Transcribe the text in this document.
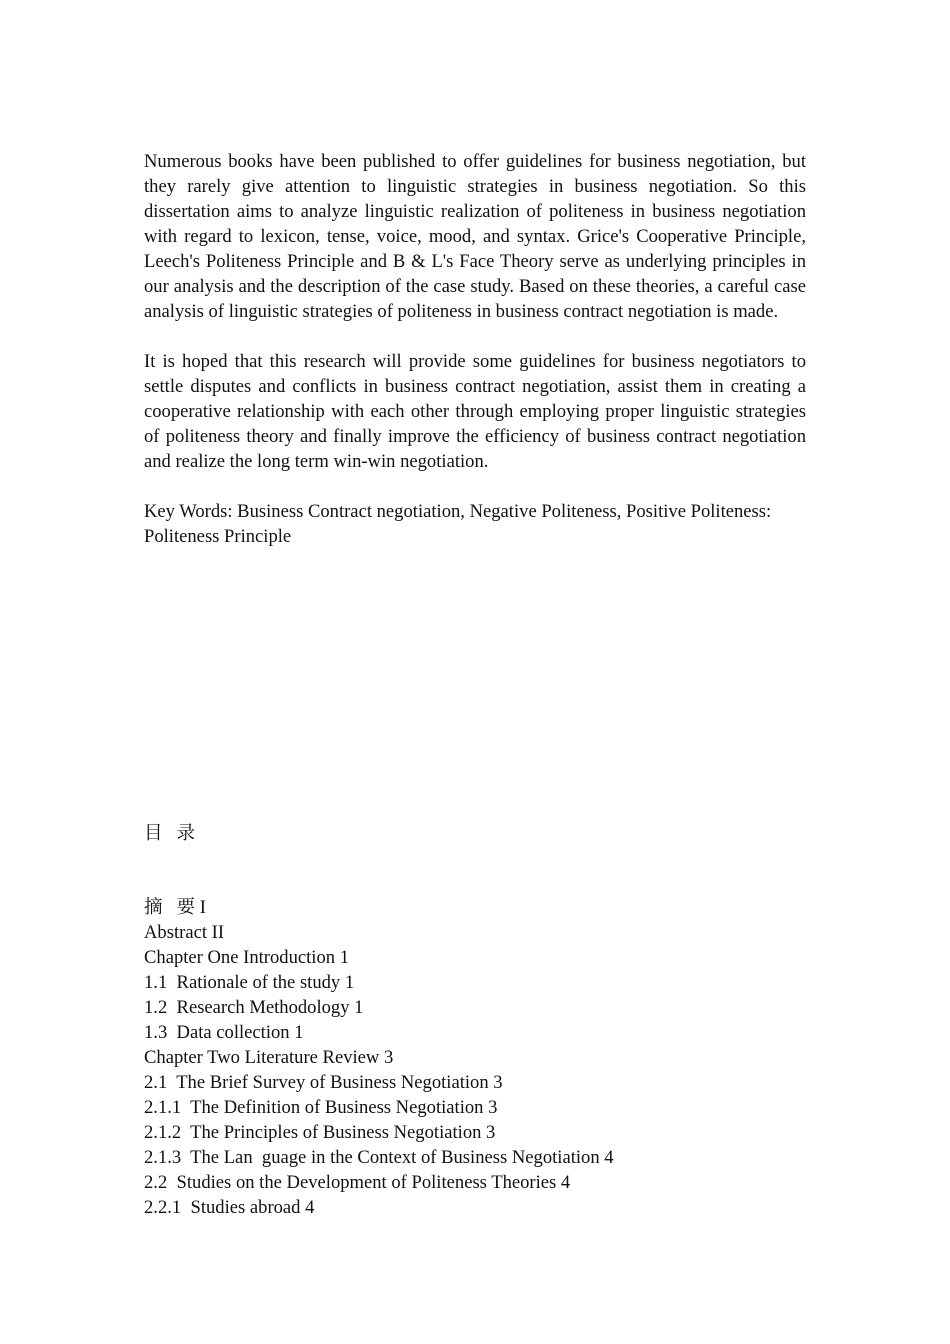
Numerous books have been published to offer guidelines for business negotiation, but they rarely give attention to linguistic strategies in business negotiation. So this dissertation aims to analyze linguistic realization of politeness in business negotiation with regard to lexicon, tense, voice, mood, and syntax. Grice's Cooperative Principle, Leech's Politeness Principle and B & L's Face Theory serve as underlying principles in our analysis and the description of the case study. Based on these theories, a careful case analysis of linguistic strategies of politeness in business contract negotiation is made.

It is hoped that this research will provide some guidelines for business negotiators to settle disputes and conflicts in business contract negotiation, assist them in creating a cooperative relationship with each other through employing proper linguistic strategies of politeness theory and finally improve the efficiency of business contract negotiation and realize the long term win-win negotiation.

Key Words: Business Contract negotiation, Negative Politeness, Positive Politeness:
Politeness Principle

目   录
摘   要 I
Abstract II
Chapter One Introduction 1
1.1  Rationale of the study 1
1.2  Research Methodology 1
1.3  Data collection 1
Chapter Two Literature Review 3
2.1  The Brief Survey of Business Negotiation 3
2.1.1  The Definition of Business Negotiation 3
2.1.2  The Principles of Business Negotiation 3
2.1.3  The Lan  guage in the Context of Business Negotiation 4
2.2  Studies on the Development of Politeness Theories 4
2.2.1  Studies abroad 4
